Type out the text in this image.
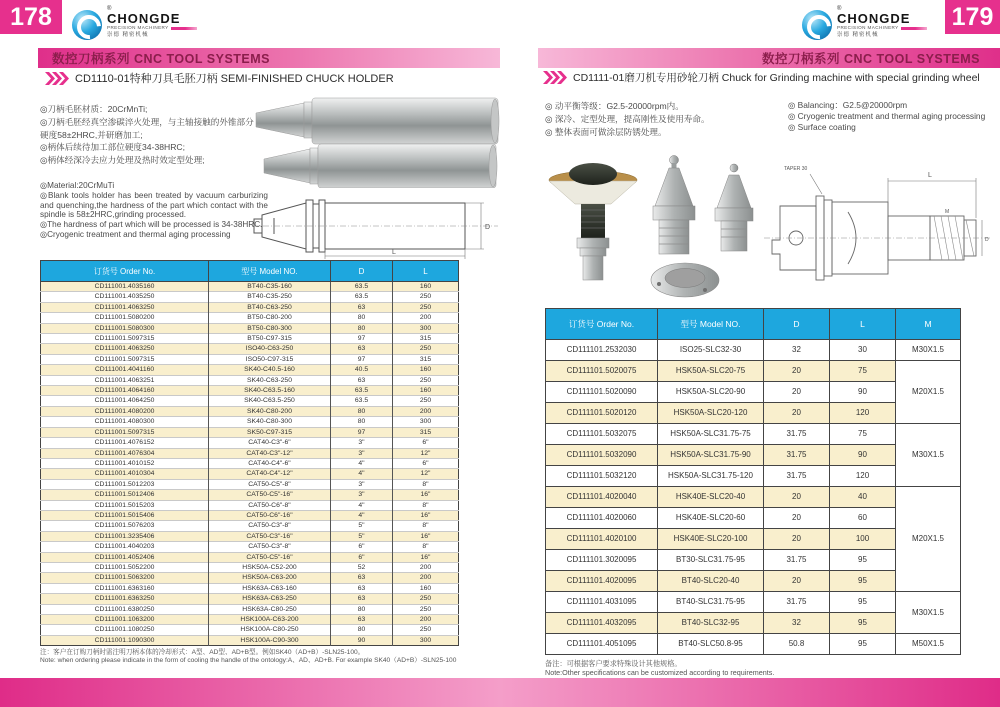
178	®
CHONGDE
PRECISION MACHINERY
崇德 精密机械
数控刀柄系列 CNC TOOL SYSTEMS
CD1110-01特种刀具毛胚刀柄 SEMI-FINISHED CHUCK HOLDER
◎刀柄毛胚材质：20CrMnTi;
◎刀柄毛胚经真空渗碳淬火处理，与主轴接触的外锥部分硬度58±2HRC,并研磨加工;
◎柄体后续待加工部位硬度34-38HRC;
◎柄体经深冷去应力处理及热时效定型处理;
◎Material:20CrMuTi
◎Blank tools holder has been treated by vacuum carburizing and quenching,the hardness of the part which contact with the spindle is 58±2HRC,grinding processed.
◎The hardness of part which will be processed is 34-38HRC.
◎Cryogenic treatment and thermal aging processing
D
L
订货号 Order No.	型号 Model NO.	D	L
CD111001.4035160	BT40-C35-160	63.5	160
CD111001.4035250	BT40-C35-250	63.5	250
CD111001.4063250	BT40-C63-250	63	250
CD111001.5080200	BT50-C80-200	80	200
CD111001.5080300	BT50-C80-300	80	300
CD111001.5097315	BT50-C97-315	97	315
CD111001.4063250	ISO40-C63-250	63	250
CD111001.5097315	ISO50-C97-315	97	315
CD111001.4041160	SK40-C40.5-160	40.5	160
CD111001.4063251	SK40-C63-250	63	250
CD111001.4064160	SK40-C63.5-160	63.5	160
CD111001.4064250	SK40-C63.5-250	63.5	250
CD111001.4080200	SK40-C80-200	80	200
CD111001.4080300	SK40-C80-300	80	300
CD111001.5097315	SK50-C97-315	97	315
CD111001.4076152	CAT40-C3"-6"	3"	6"
CD111001.4076304	CAT40-C3"-12"	3"	12"
CD111001.4010152	CAT40-C4"-6"	4"	6"
CD111001.4010304	CAT40-C4"-12"	4"	12"
CD111001.5012203	CAT50-C5"-8"	3"	8"
CD111001.5012406	CAT50-C5"-16"	3"	16"
CD111001.5015203	CAT50-C6"-8"	4"	8"
CD111001.5015406	CAT50-C6"-16"	4"	16"
CD111001.5076203	CAT50-C3"-8"	5"	8"
CD111001.3235406	CAT50-C3"-16"	5"	16"
CD111001.4040203	CAT50-C3"-8"	6"	8"
CD111001.4052406	CAT50-C5"-16"	6"	16"
CD111001.5052200	HSK50A-C52-200	52	200
CD111001.5063200	HSK50A-C63-200	63	200
CD111001.6363160	HSK63A-C63-160	63	160
CD111001.6363250	HSK63A-C63-250	63	250
CD111001.6380250	HSK63A-C80-250	80	250
CD111001.1063200	HSK100A-C63-200	63	200
CD111001.1080250	HSK100A-C80-250	80	250
CD111001.1090300	HSK100A-C90-300	90	300
注：客户在订购刀柄时需注明刀柄本体的冷却形式：A型、AD型、AD+B型。例如SK40（AD+B）-SLN25-100。
Note: when ordering please indicate in the form of cooling the handle of the ontology:A、AD、AD+B. For example SK40（AD+B）-SLN25-100
179
®
CHONGDE
PRECISION MACHINERY
崇德 精密机械
数控刀柄系列 CNC TOOL SYSTEMS
CD1111-01磨刀机专用砂轮刀柄 Chuck for Grinding machine with special grinding wheel
◎ 动平衡等级：G2.5-20000rpm内。
◎ 深冷、定型处理，提高刚性及使用寿命。
◎ 整体表面可做涂层防锈处理。
◎ Balancing：G2.5@20000rpm
◎ Cryogenic treatment and thermal aging processing
◎ Surface coating
L
TAPER 30
M
D
订货号 Order No.	型号 Model NO.	D	L	M
CD111101.2532030	ISO25-SLC32-30	32	30	M30X1.5
CD111101.5020075	HSK50A-SLC20-75	20	75	M20X1.5
CD111101.5020090	HSK50A-SLC20-90	20	90	
CD111101.5020120	HSK50A-SLC20-120	20	120	
CD111101.5032075	HSK50A-SLC31.75-75	31.75	75	M30X1.5
CD111101.5032090	HSK50A-SLC31.75-90	31.75	90	
CD111101.5032120	HSK50A-SLC31.75-120	31.75	120	
CD111101.4020040	HSK40E-SLC20-40	20	40	M20X1.5
CD111101.4020060	HSK40E-SLC20-60	20	60	
CD111101.4020100	HSK40E-SLC20-100	20	100	
CD111101.3020095	BT30-SLC31.75-95	31.75	95	
CD111101.4020095	BT40-SLC20-40	20	95	
CD111101.4031095	BT40-SLC31.75-95	31.75	95	M30X1.5
CD111101.4032095	BT40-SLC32-95	32	95	
CD111101.4051095	BT40-SLC50.8-95	50.8	95	M50X1.5
备注：可根据客户要求特殊设计其他规格。
Note:Other specifications can be customized according to requirements.
